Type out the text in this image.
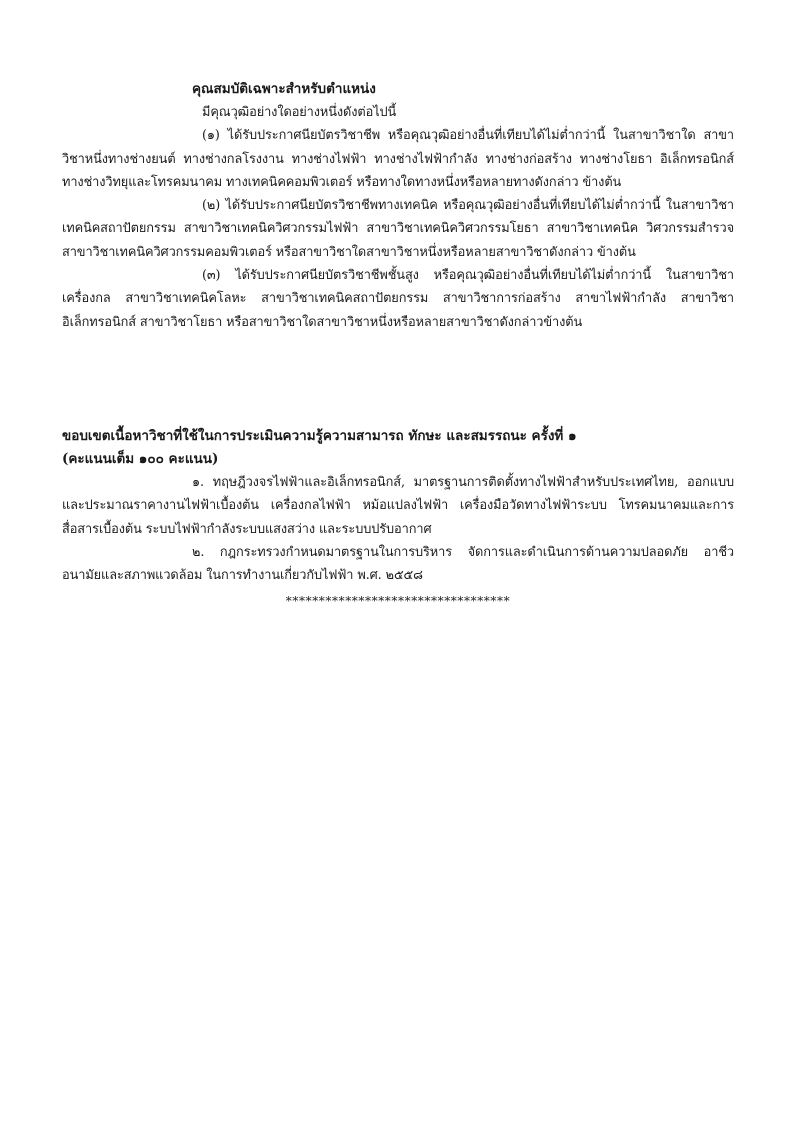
คุณสมบัติเฉพาะสำหรับตำแหน่ง

มีคุณวุฒิอย่างใดอย่างหนึ่งดังต่อไปนี้

(๑) ได้รับประกาศนียบัตรวิชาชีพ หรือคุณวุฒิอย่างอื่นที่เทียบได้ไม่ต่ำกว่านี้ ในสาขาวิชาใด สาขาวิชาหนึ่งทางช่างยนต์ ทางช่างกลโรงงาน ทางช่างไฟฟ้า ทางช่างไฟฟ้ากำลัง ทางช่างก่อสร้าง ทางช่างโยธา อิเล็กทรอนิกส์ ทางช่างวิทยุและโทรคมนาคม ทางเทคนิคคอมพิวเตอร์ หรือทางใดทางหนึ่งหรือหลายทางดังกล่าว ข้างต้น

(๒) ได้รับประกาศนียบัตรวิชาชีพทางเทคนิค หรือคุณวุฒิอย่างอื่นที่เทียบได้ไม่ต่ำกว่านี้ ในสาขาวิชาเทคนิคสถาปัตยกรรม สาขาวิชาเทคนิควิศวกรรมไฟฟ้า สาขาวิชาเทคนิควิศวกรรมโยธา สาขาวิชาเทคนิค วิศวกรรมสำรวจ สาขาวิชาเทคนิควิศวกรรมคอมพิวเตอร์ หรือสาขาวิชาใดสาขาวิชาหนึ่งหรือหลายสาขาวิชาดังกล่าว ข้างต้น

(๓) ได้รับประกาศนียบัตรวิชาชีพชั้นสูง หรือคุณวุฒิอย่างอื่นที่เทียบได้ไม่ต่ำกว่านี้ ในสาขาวิชาเครื่องกล สาขาวิชาเทคนิคโลหะ สาขาวิชาเทคนิคสถาปัตยกรรม สาขาวิชาการก่อสร้าง สาขาไฟฟ้ากำลัง สาขาวิชาอิเล็กทรอนิกส์ สาขาวิชาโยธา หรือสาขาวิชาใดสาขาวิชาหนึ่งหรือหลายสาขาวิชาดังกล่าวข้างต้น

ขอบเขตเนื้อหาวิชาที่ใช้ในการประเมินความรู้ความสามารถ ทักษะ และสมรรถนะ ครั้งที่ ๑

(คะแนนเต็ม ๑๐๐ คะแนน)

๑. ทฤษฎีวงจรไฟฟ้าและอิเล็กทรอนิกส์, มาตรฐานการติดตั้งทางไฟฟ้าสำหรับประเทศไทย, ออกแบบและประมาณราคางานไฟฟ้าเบื้องต้น เครื่องกลไฟฟ้า หม้อแปลงไฟฟ้า เครื่องมือวัดทางไฟฟ้าระบบ โทรคมนาคมและการสื่อสารเบื้องต้น ระบบไฟฟ้ากำลังระบบแสงสว่าง และระบบปรับอากาศ

๒. กฎกระทรวงกำหนดมาตรฐานในการบริหาร จัดการและดำเนินการด้านความปลอดภัย อาชีวอนามัยและสภาพแวดล้อม ในการทำงานเกี่ยวกับไฟฟ้า พ.ศ. ๒๕๕๘

**********************************
